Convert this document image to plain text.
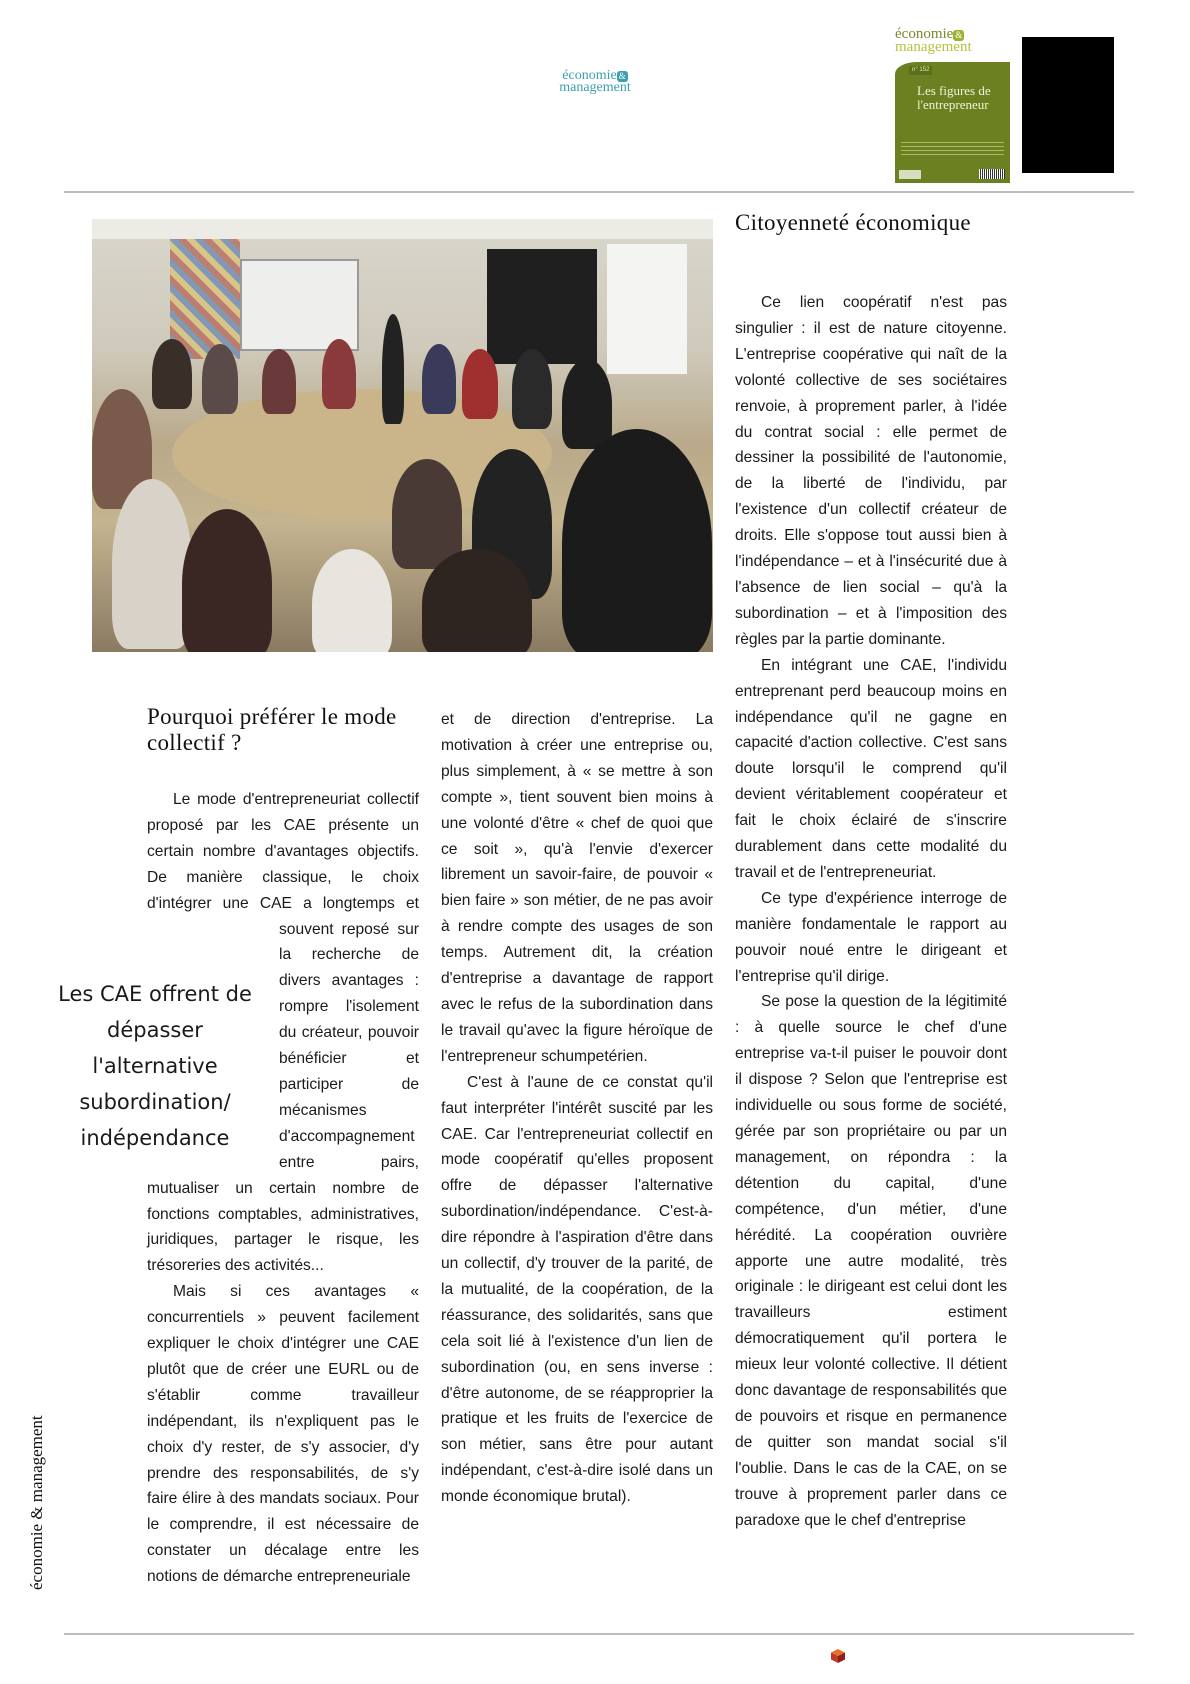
économie &
management
économie &
management
n° 152
Les figures de l'entrepreneur
Pourquoi préférer le mode collectif ?
Les CAE offrent de dépasser l'alternative subordination/ indépendance

Le mode d'entrepreneuriat collectif proposé par les CAE présente un certain nombre d'avantages objectifs. De manière classique, le choix d'intégrer une CAE a longtemps et souvent reposé sur la recherche de divers avantages : rompre l'isolement du créateur, pouvoir bénéficier et participer de mécanismes d'accompagnement entre pairs, mutualiser un certain nombre de fonctions comptables, administratives, juridiques, partager le risque, les trésoreries des activités...

Mais si ces avantages « concurrentiels » peuvent facilement expliquer le choix d'intégrer une CAE plutôt que de créer une EURL ou de s'établir comme travailleur indépendant, ils n'expliquent pas le choix d'y rester, de s'y associer, d'y prendre des responsabilités, de s'y faire élire à des mandats sociaux. Pour le comprendre, il est nécessaire de constater un décalage entre les notions de démarche entrepreneuriale

et de direction d'entreprise. La motivation à créer une entreprise ou, plus simplement, à « se mettre à son compte », tient souvent bien moins à une volonté d'être « chef de quoi que ce soit », qu'à l'envie d'exercer librement un savoir-faire, de pouvoir « bien faire » son métier, de ne pas avoir à rendre compte des usages de son temps. Autrement dit, la création d'entreprise a davantage de rapport avec le refus de la subordination dans le travail qu'avec la figure héroïque de l'entrepreneur schumpetérien.

C'est à l'aune de ce constat qu'il faut interpréter l'intérêt suscité par les CAE. Car l'entrepreneuriat collectif en mode coopératif qu'elles proposent offre de dépasser l'alternative subordination/indépendance. C'est-à-dire répondre à l'aspiration d'être dans un collectif, d'y trouver de la parité, de la mutualité, de la coopération, de la réassurance, des solidarités, sans que cela soit lié à l'existence d'un lien de subordination (ou, en sens inverse : d'être autonome, de se réapproprier la pratique et les fruits de l'exercice de son métier, sans être pour autant indépendant, c'est-à-dire isolé dans un monde économique brutal).

Citoyenneté économique

Ce lien coopératif n'est pas singulier : il est de nature citoyenne. L'entreprise coopérative qui naît de la volonté collective de ses sociétaires renvoie, à proprement parler, à l'idée du contrat social : elle permet de dessiner la possibilité de l'autonomie, de la liberté de l'individu, par l'existence d'un collectif créateur de droits. Elle s'oppose tout aussi bien à l'indépendance – et à l'insécurité due à l'absence de lien social – qu'à la subordination – et à l'imposition des règles par la partie dominante.

En intégrant une CAE, l'individu entreprenant perd beaucoup moins en indépendance qu'il ne gagne en capacité d'action collective. C'est sans doute lorsqu'il le comprend qu'il devient véritablement coopérateur et fait le choix éclairé de s'inscrire durablement dans cette modalité du travail et de l'entrepreneuriat.

Ce type d'expérience interroge de manière fondamentale le rapport au pouvoir noué entre le dirigeant et l'entreprise qu'il dirige.

Se pose la question de la légitimité : à quelle source le chef d'une entreprise va-t-il puiser le pouvoir dont il dispose ? Selon que l'entreprise est individuelle ou sous forme de société, gérée par son propriétaire ou par un management, on répondra : la détention du capital, d'une compétence, d'un métier, d'une hérédité. La coopération ouvrière apporte une autre modalité, très originale : le dirigeant est celui dont les travailleurs estiment démocratiquement qu'il portera le mieux leur volonté collective. Il détient donc davantage de responsabilités que de pouvoirs et risque en permanence de quitter son mandat social s'il l'oublie. Dans le cas de la CAE, on se trouve à proprement parler dans ce paradoxe que le chef d'entreprise

économie & management
